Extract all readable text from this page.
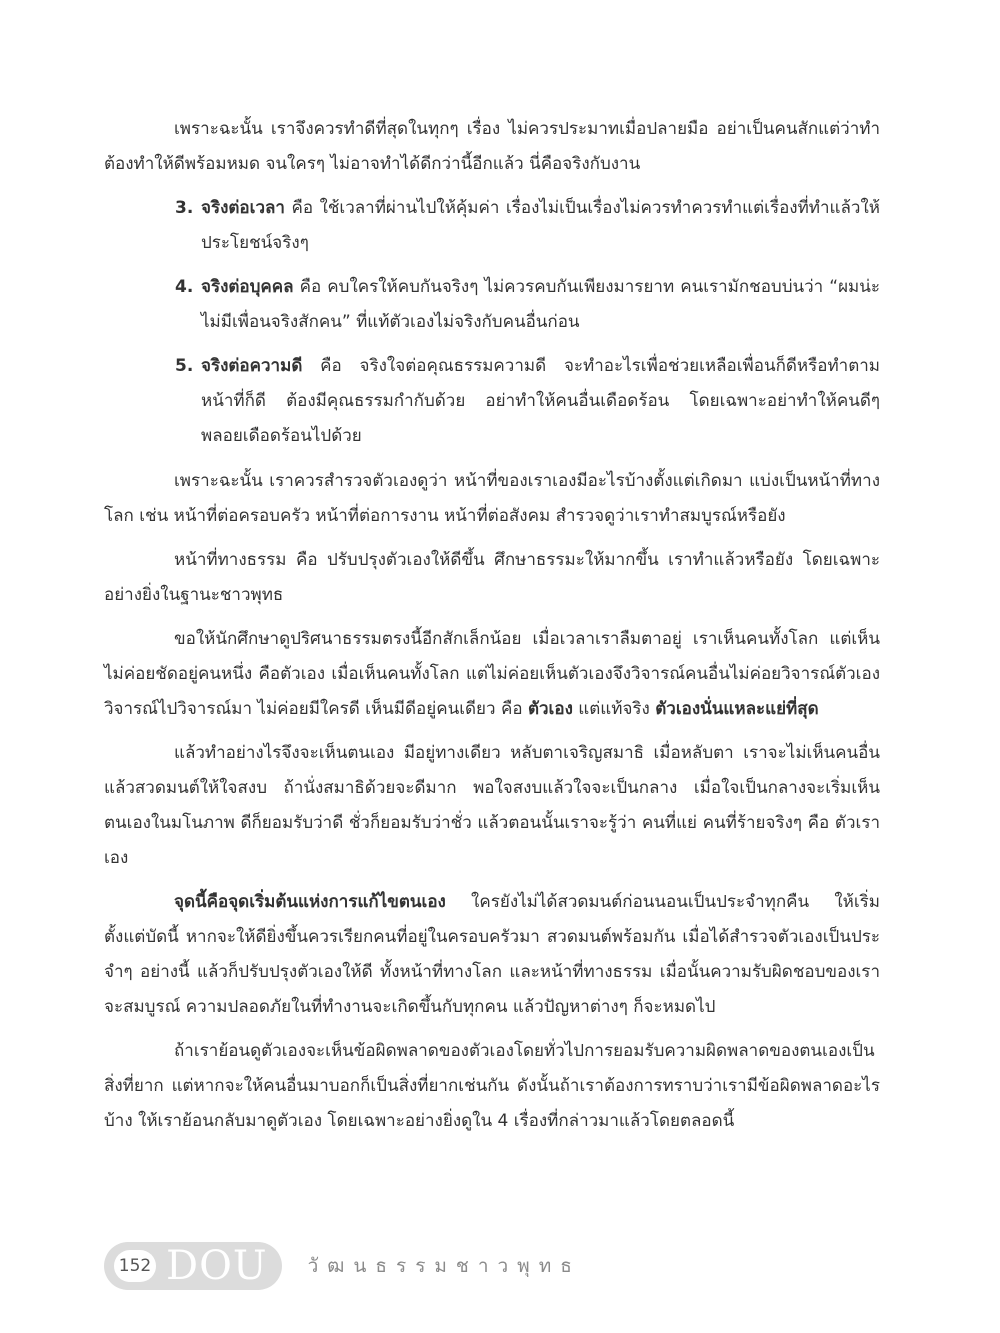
เพราะฉะนั้น เราจึงควรทำดีที่สุดในทุกๆ เรื่อง ไม่ควรประมาทเมื่อปลายมือ อย่าเป็นคนสักแต่ว่าทำ ต้องทำให้ดีพร้อมหมด จนใครๆ ไม่อาจทำได้ดีกว่านี้อีกแล้ว นี่คือจริงกับงาน

3. จริงต่อเวลา คือ ใช้เวลาที่ผ่านไปให้คุ้มค่า เรื่องไม่เป็นเรื่องไม่ควรทำควรทำแต่เรื่องที่ทำแล้วให้ประโยชน์จริงๆ
4. จริงต่อบุคคล คือ คบใครให้คบกันจริงๆ ไม่ควรคบกันเพียงมารยาท คนเรามักชอบบ่นว่า “ผมน่ะไม่มีเพื่อนจริงสักคน” ที่แท้ตัวเองไม่จริงกับคนอื่นก่อน
5. จริงต่อความดี คือ จริงใจต่อคุณธรรมความดี จะทำอะไรเพื่อช่วยเหลือเพื่อนก็ดีหรือทำตามหน้าที่ก็ดี ต้องมีคุณธรรมกำกับด้วย อย่าทำให้คนอื่นเดือดร้อน โดยเฉพาะอย่าทำให้คนดีๆ พลอยเดือดร้อนไปด้วย

เพราะฉะนั้น เราควรสำรวจตัวเองดูว่า หน้าที่ของเราเองมีอะไรบ้างตั้งแต่เกิดมา แบ่งเป็นหน้าที่ทางโลก เช่น หน้าที่ต่อครอบครัว หน้าที่ต่อการงาน หน้าที่ต่อสังคม สำรวจดูว่าเราทำสมบูรณ์หรือยัง

หน้าที่ทางธรรม คือ ปรับปรุงตัวเองให้ดีขึ้น ศึกษาธรรมะให้มากขึ้น เราทำแล้วหรือยัง โดยเฉพาะอย่างยิ่งในฐานะชาวพุทธ

ขอให้นักศึกษาดูปริศนาธรรมตรงนี้อีกสักเล็กน้อย เมื่อเวลาเราลืมตาอยู่ เราเห็นคนทั้งโลก แต่เห็นไม่ค่อยชัดอยู่คนหนึ่ง คือตัวเอง เมื่อเห็นคนทั้งโลก แต่ไม่ค่อยเห็นตัวเองจึงวิจารณ์คนอื่นไม่ค่อยวิจารณ์ตัวเอง วิจารณ์ไปวิจารณ์มา ไม่ค่อยมีใครดี เห็นมีดีอยู่คนเดียว คือ ตัวเอง แต่แท้จริง ตัวเองนั่นแหละแย่ที่สุด

แล้วทำอย่างไรจึงจะเห็นตนเอง มีอยู่ทางเดียว หลับตาเจริญสมาธิ เมื่อหลับตา เราจะไม่เห็นคนอื่น แล้วสวดมนต์ให้ใจสงบ ถ้านั่งสมาธิด้วยจะดีมาก พอใจสงบแล้วใจจะเป็นกลาง เมื่อใจเป็นกลางจะเริ่มเห็นตนเองในมโนภาพ ดีก็ยอมรับว่าดี ชั่วก็ยอมรับว่าชั่ว แล้วตอนนั้นเราจะรู้ว่า คนที่แย่ คนที่ร้ายจริงๆ คือ ตัวเราเอง

จุดนี้คือจุดเริ่มต้นแห่งการแก้ไขตนเอง ใครยังไม่ได้สวดมนต์ก่อนนอนเป็นประจำทุกคืน ให้เริ่มตั้งแต่บัดนี้ หากจะให้ดียิ่งขึ้นควรเรียกคนที่อยู่ในครอบครัวมา สวดมนต์พร้อมกัน เมื่อได้สำรวจตัวเองเป็นประจำๆ อย่างนี้ แล้วก็ปรับปรุงตัวเองให้ดี ทั้งหน้าที่ทางโลก และหน้าที่ทางธรรม เมื่อนั้นความรับผิดชอบของเราจะสมบูรณ์ ความปลอดภัยในที่ทำงานจะเกิดขึ้นกับทุกคน แล้วปัญหาต่างๆ ก็จะหมดไป

ถ้าเราย้อนดูตัวเองจะเห็นข้อผิดพลาดของตัวเองโดยทั่วไปการยอมรับความผิดพลาดของตนเองเป็นสิ่งที่ยาก แต่หากจะให้คนอื่นมาบอกก็เป็นสิ่งที่ยากเช่นกัน ดังนั้นถ้าเราต้องการทราบว่าเรามีข้อผิดพลาดอะไรบ้าง ให้เราย้อนกลับมาดูตัวเอง โดยเฉพาะอย่างยิ่งดูใน 4 เรื่องที่กล่าวมาแล้วโดยตลอดนี้

152 DOU วัฒนธรรมชาวพุทธ
